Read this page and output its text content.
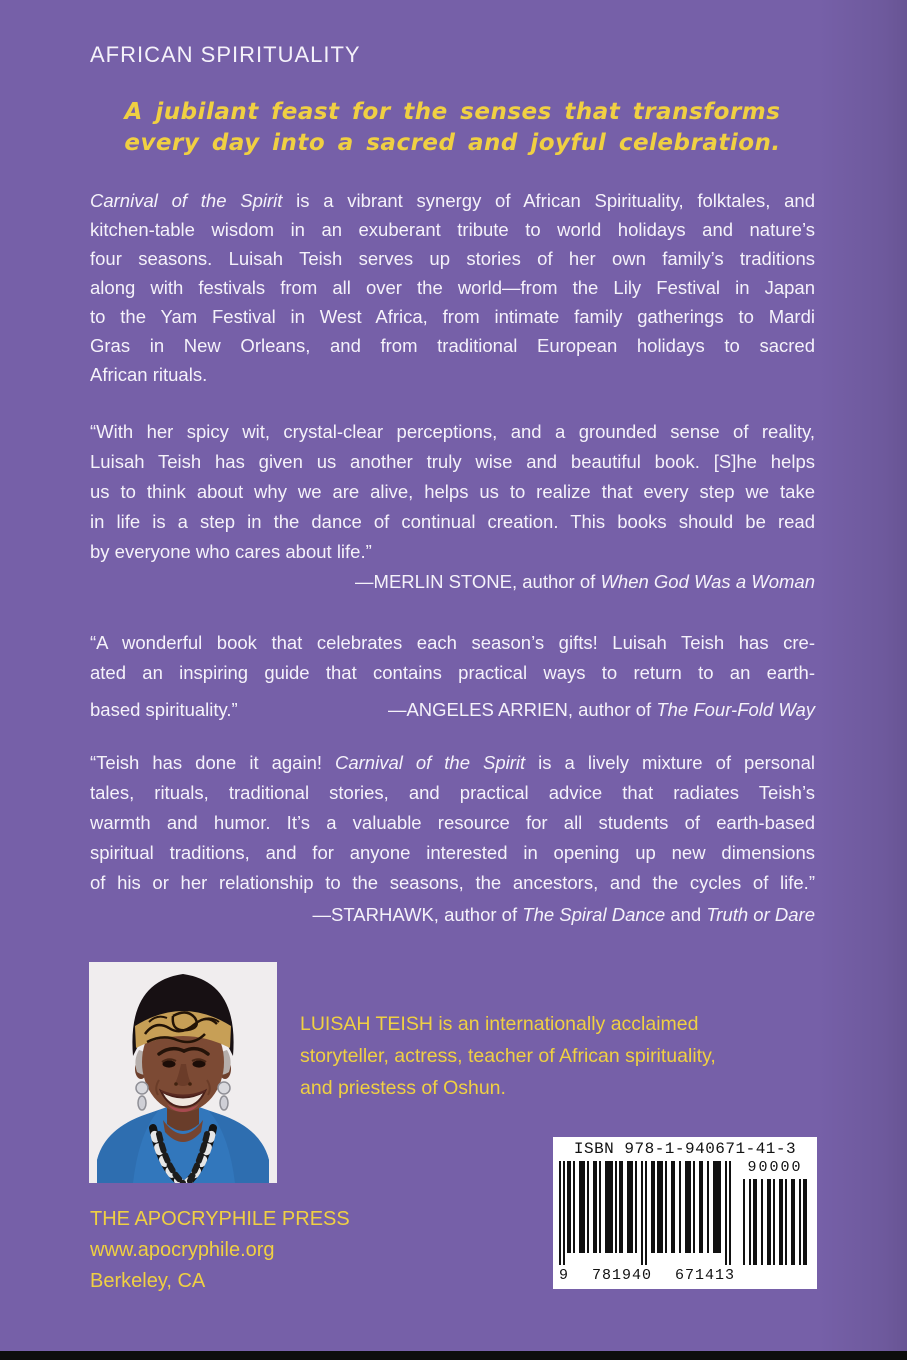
AFRICAN SPIRITUALITY
A jubilant feast for the senses that transforms
every day into a sacred and joyful celebration.
Carnival of the Spirit is a vibrant synergy of African Spirituality, folktales, and
kitchen-table wisdom in an exuberant tribute to world holidays and nature’s
four seasons. Luisah Teish serves up stories of her own family’s traditions
along with festivals from all over the world—from the Lily Festival in Japan
to the Yam Festival in West Africa, from intimate family gatherings to Mardi
Gras in New Orleans, and from traditional European holidays to sacred
African rituals.
“With her spicy wit, crystal-clear perceptions, and a grounded sense of reality,
Luisah Teish has given us another truly wise and beautiful book. [S]he helps
us to think about why we are alive, helps us to realize that every step we take
in life is a step in the dance of continual creation. This books should be read
by everyone who cares about life.”
—MERLIN STONE, author of When God Was a Woman
“A wonderful book that celebrates each season’s gifts! Luisah Teish has cre-
ated an inspiring guide that contains practical ways to return to an earth-
based spirituality.”	—ANGELES ARRIEN, author of The Four-Fold Way
“Teish has done it again! Carnival of the Spirit is a lively mixture of personal
tales, rituals, traditional stories, and practical advice that radiates Teish’s
warmth and humor. It’s a valuable resource for all students of earth-based
spiritual traditions, and for anyone interested in opening up new dimensions
of his or her relationship to the seasons, the ancestors, and the cycles of life.”
—STARHAWK, author of The Spiral Dance and Truth or Dare
LUISAH TEISH is an internationally acclaimed
storyteller, actress, teacher of African spirituality,
and priestess of Oshun.
THE APOCRYPHILE PRESS
www.apocryphile.org
Berkeley, CA
ISBN 978-1-940671-41-3
90000
9 781940 671413
